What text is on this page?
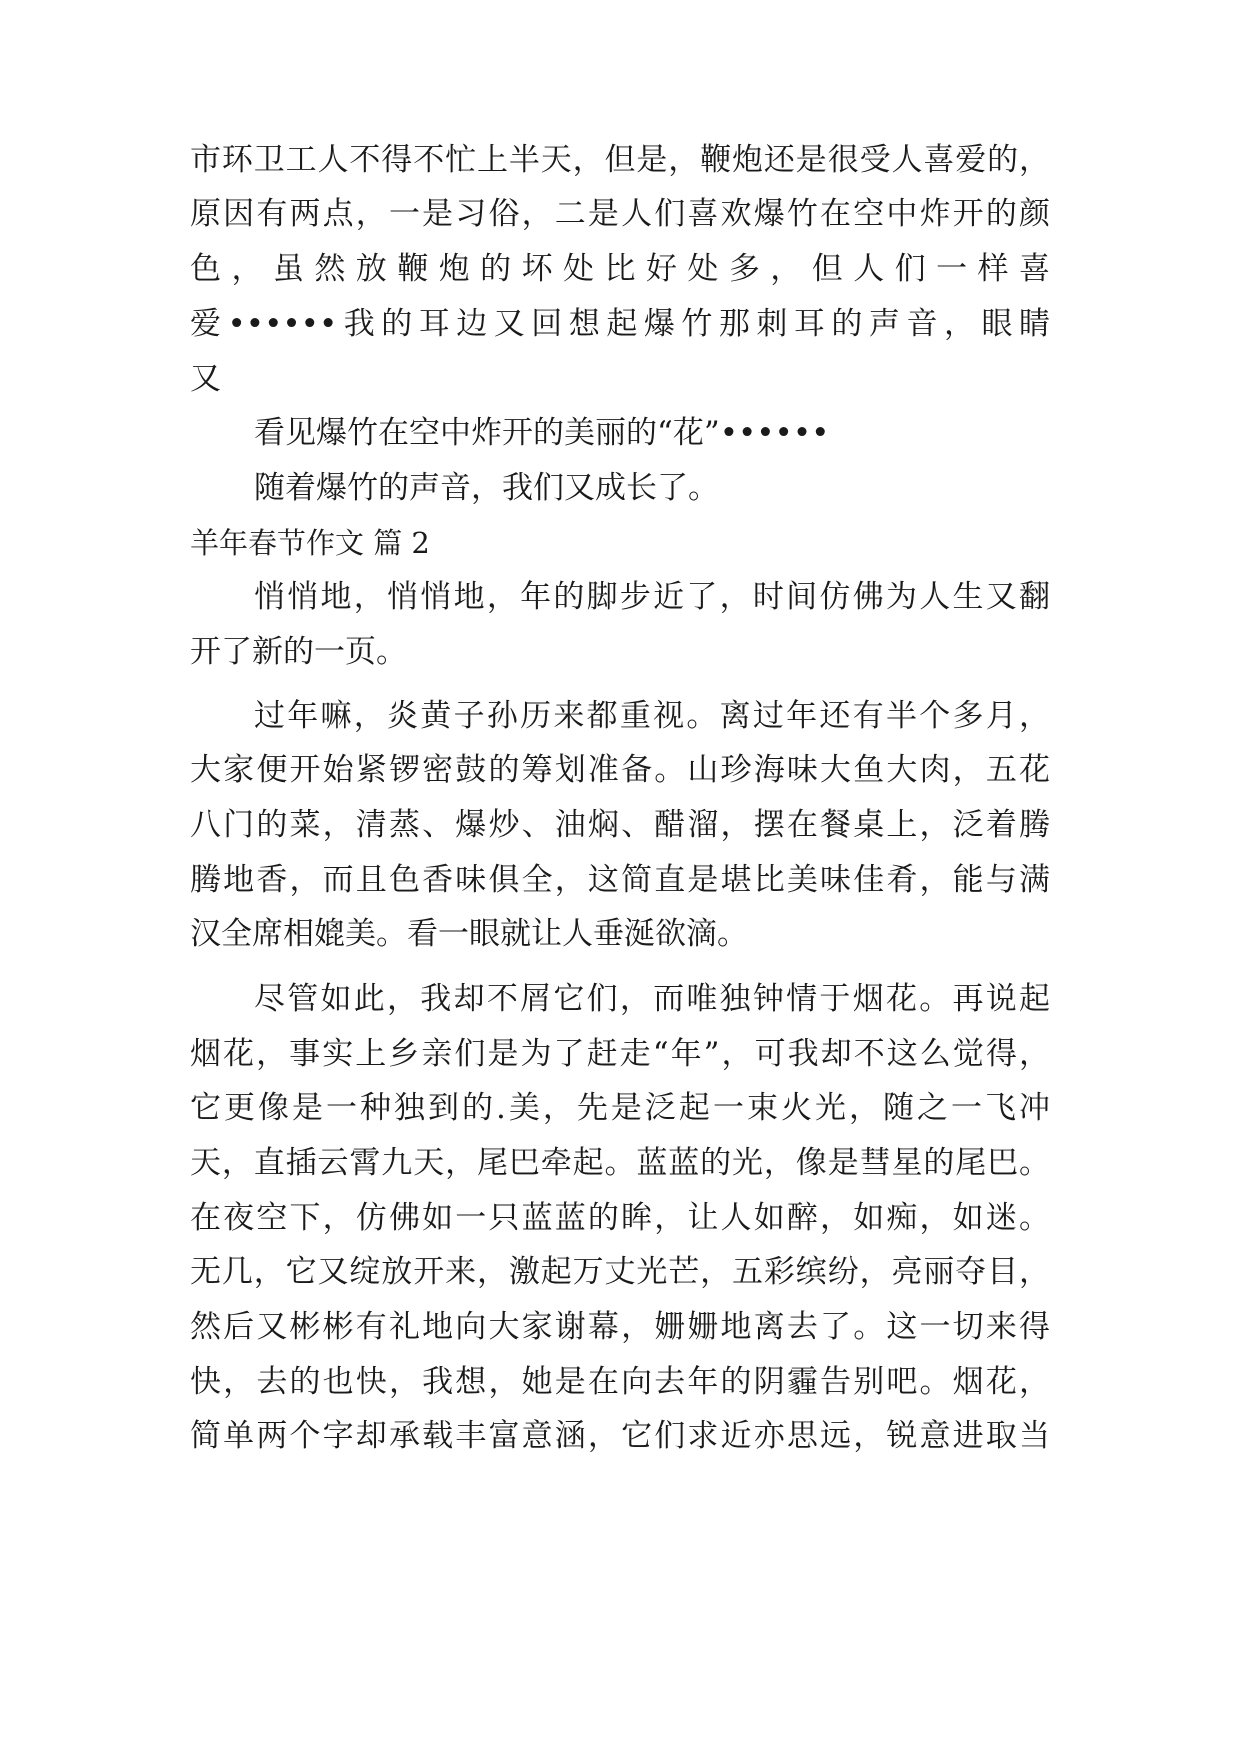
市环卫工人不得不忙上半天，但是，鞭炮还是很受人喜爱的，
原因有两点，一是习俗，二是人们喜欢爆竹在空中炸开的颜
色，虽然放鞭炮的坏处比好处多，但人们一样喜
爱••••••我的耳边又回想起爆竹那刺耳的声音，眼睛
又
看见爆竹在空中炸开的美丽的“花”••••••
随着爆竹的声音，我们又成长了。
羊年春节作文 篇 2
悄悄地，悄悄地，年的脚步近了，时间仿佛为人生又翻
开了新的一页。
过年嘛，炎黄子孙历来都重视。离过年还有半个多月，
大家便开始紧锣密鼓的筹划准备。山珍海味大鱼大肉，五花
八门的菜，清蒸、爆炒、油焖、醋溜，摆在餐桌上，泛着腾
腾地香，而且色香味俱全，这简直是堪比美味佳肴，能与满
汉全席相媲美。看一眼就让人垂涎欲滴。
尽管如此，我却不屑它们，而唯独钟情于烟花。再说起
烟花，事实上乡亲们是为了赶走“年”，可我却不这么觉得，
它更像是一种独到的.美，先是泛起一束火光，随之一飞冲
天，直插云霄九天，尾巴牵起。蓝蓝的光，像是彗星的尾巴。
在夜空下，仿佛如一只蓝蓝的眸，让人如醉，如痴，如迷。
无几，它又绽放开来，激起万丈光芒，五彩缤纷，亮丽夺目，
然后又彬彬有礼地向大家谢幕，姗姗地离去了。这一切来得
快，去的也快，我想，她是在向去年的阴霾告别吧。烟花，
简单两个字却承载丰富意涵，它们求近亦思远，锐意进取当
